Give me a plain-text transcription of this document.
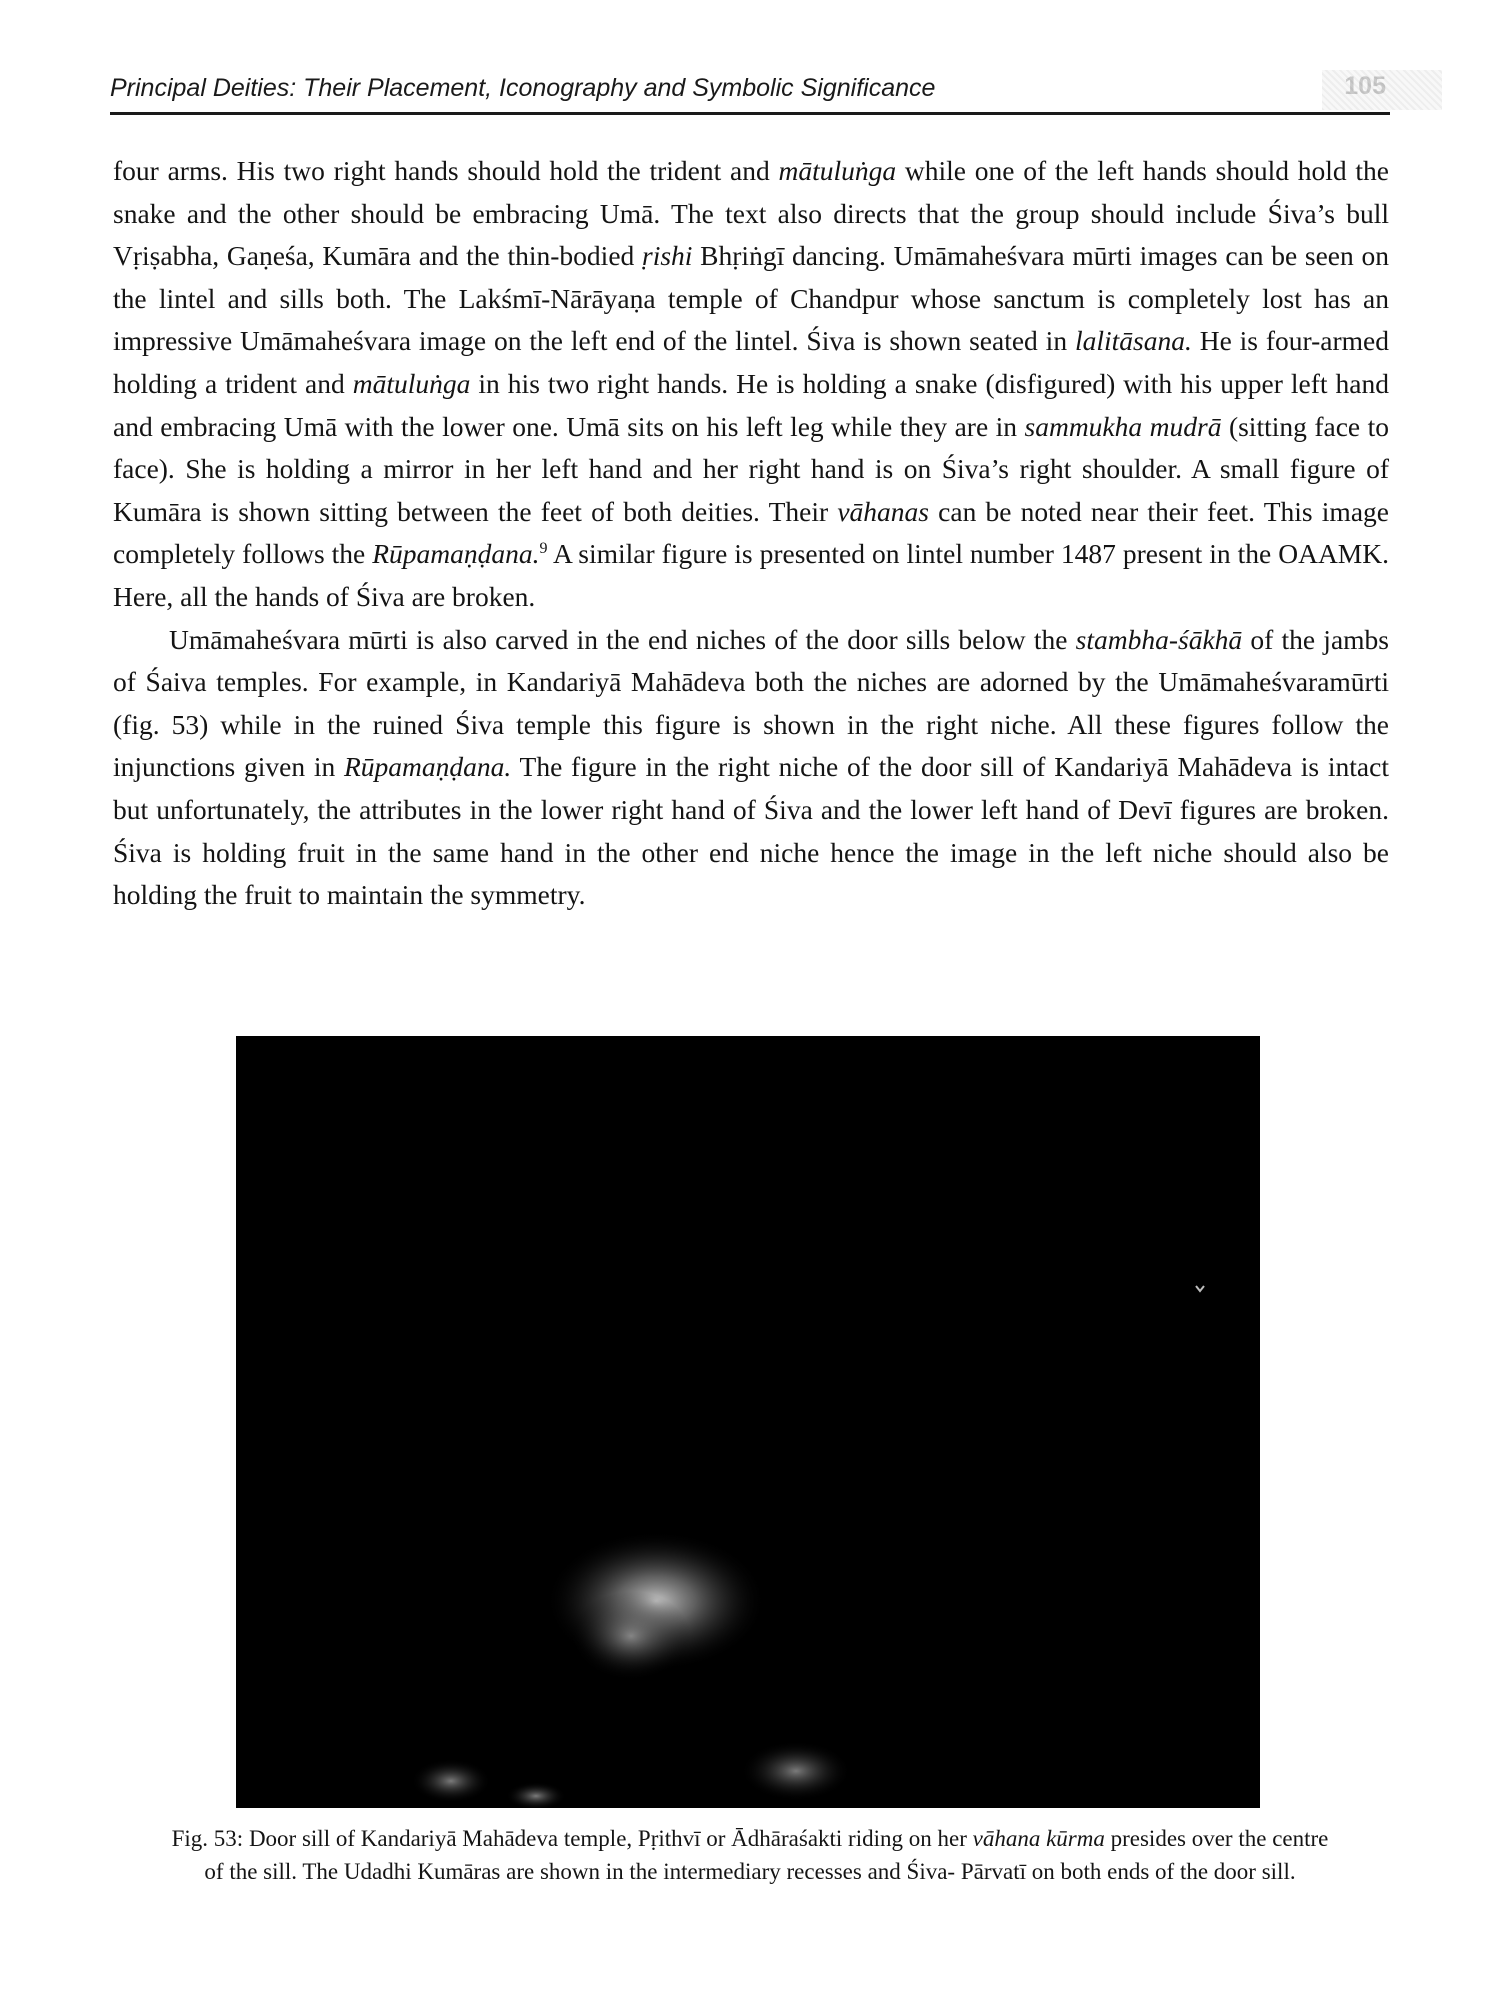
Principal Deities: Their Placement, Iconography and Symbolic Significance

four arms. His two right hands should hold the trident and mātuluṅga while one of the left hands should hold the snake and the other should be embracing Umā. The text also directs that the group should include Śiva’s bull Vṛiṣabha, Gaṇeśa, Kumāra and the thin-bodied ṛishi Bhṛiṅgī dancing. Umāmaheśvara mūrti images can be seen on the lintel and sills both. The Lakśmī-Nārāyaṇa temple of Chandpur whose sanctum is completely lost has an impressive Umāmaheśvara image on the left end of the lintel. Śiva is shown seated in lalitāsana. He is four-armed holding a trident and mātuluṅga in his two right hands. He is holding a snake (disfigured) with his upper left hand and embracing Umā with the lower one. Umā sits on his left leg while they are in sammukha mudrā (sitting face to face). She is holding a mirror in her left hand and her right hand is on Śiva’s right shoulder. A small figure of Kumāra is shown sitting between the feet of both deities. Their vāhanas can be noted near their feet. This image completely follows the Rūpamaṇḍana.$^9$ A similar figure is presented on lintel number 1487 present in the OAAMK. Here, all the hands of Śiva are broken.

Umāmaheśvara mūrti is also carved in the end niches of the door sills below the stambha-śākhā of the jambs of Śaiva temples. For example, in Kandariyā Mahādeva both the niches are adorned by the Umāmaheśvaramūrti (fig. 53) while in the ruined Śiva temple this figure is shown in the right niche. All these figures follow the injunctions given in Rūpamaṇḍana. The figure in the right niche of the door sill of Kandariyā Mahādeva is intact but unfortunately, the attributes in the lower right hand of Śiva and the lower left hand of Devī figures are broken. Śiva is holding fruit in the same hand in the other end niche hence the image in the left niche should also be holding the fruit to maintain the symmetry.

Fig. 53: Door sill of Kandariyā Mahādeva temple, Pṛithvī or Ādhāraśakti riding on her vāhana kūrma presides over the centre of the sill. The Udadhi Kumāras are shown in the intermediary recesses and Śiva- Pārvatī on both ends of the door sill.
